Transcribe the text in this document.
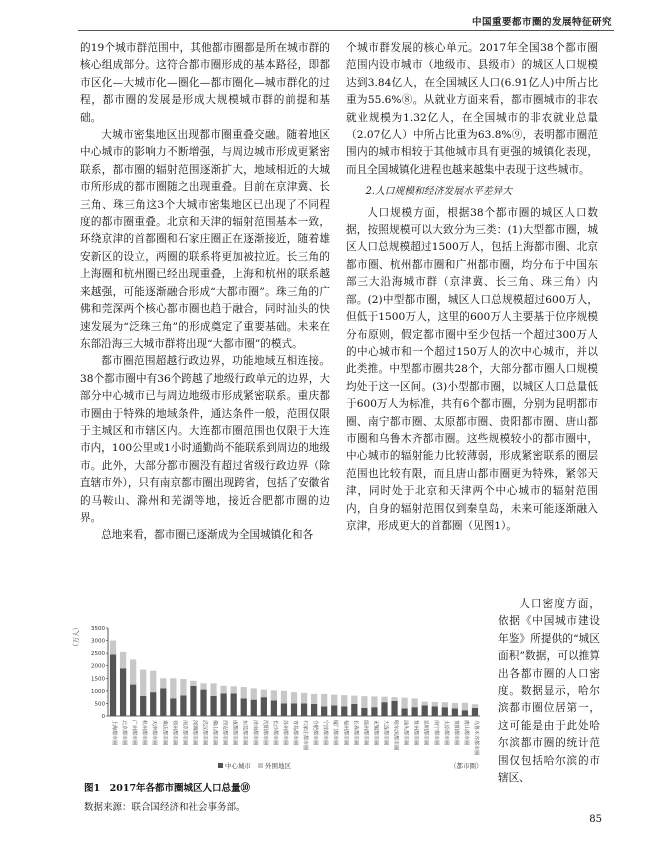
中国重要都市圈的发展特征研究

的19个城市群范围中，其他都市圈都是所在城市群的核心组成部分。这符合都市圈形成的基本路径，即都市区化—大城市化—圈化—都市圈化—城市群化的过程，都市圈的发展是形成大规模城市群的前提和基础。

大城市密集地区出现都市圈重叠交融。随着地区中心城市的影响力不断增强，与周边城市形成更紧密联系，都市圈的辐射范围逐渐扩大，地域相近的大城市所形成的都市圈随之出现重叠。目前在京津冀、长三角、珠三角这3个大城市密集地区已出现了不同程度的都市圈重叠。北京和天津的辐射范围基本一致，环绕京津的首都圈和石家庄圈正在逐渐接近，随着雄安新区的设立，两圈的联系将更加被拉近。长三角的上海圈和杭州圈已经出现重叠，上海和杭州的联系越来越强，可能逐渐融合形成“大都市圈”。珠三角的广佛和莞深两个核心都市圈也趋于融合，同时汕头的快速发展为“泛珠三角”的形成奠定了重要基础。未来在东部沿海三大城市群将出现“大都市圈”的模式。

都市圈范围超越行政边界，功能地域互相连接。38个都市圈中有36个跨越了地级行政单元的边界，大部分中心城市已与周边地级市形成紧密联系。重庆都市圈由于特殊的地域条件，通达条件一般，范围仅限于主城区和市辖区内。大连都市圈范围也仅限于大连市内，100公里或1小时通勤尚不能联系到周边的地级市。此外，大部分都市圈没有超过省级行政边界（除直辖市外），只有南京都市圈出现跨省，包括了安徽省的马鞍山、滁州和芜湖等地，接近合肥都市圈的边界。

总地来看，都市圈已逐渐成为全国城镇化和各

个城市群发展的核心单元。2017年全国38个都市圈范围内设市城市（地级市、县级市）的城区人口规模达到3.84亿人，在全国城区人口(6.91亿人)中所占比重为55.6%⑧。从就业方面来看，都市圈城市的非农就业规模为1.32亿人，在全国城市的非农就业总量（2.07亿人）中所占比重为63.8%⑨，表明都市圈范围内的城市相较于其他城市具有更强的城镇化表现，而且全国城镇化进程也越来越集中表现于这些城市。

2.人口规模和经济发展水平差异大

人口规模方面，根据38个都市圈的城区人口数据，按照规模可以大致分为三类：(1)大型都市圈，城区人口总规模超过1500万人，包括上海都市圈、北京都市圈、杭州都市圈和广州都市圈，均分布于中国东部三大沿海城市群（京津冀、长三角、珠三角）内部。(2)中型都市圈，城区人口总规模超过600万人，但低于1500万人，这里的600万人主要基于位序规模分布原则，假定都市圈中至少包括一个超过300万人的中心城市和一个超过150万人的次中心城市，并以此类推。中型都市圈共28个，大部分都市圈人口规模均处于这一区间。(3)小型都市圈，以城区人口总量低于600万人为标准，共有6个都市圈，分别为昆明都市圈、南宁都市圈、太原都市圈、贵阳都市圈、唐山都市圈和乌鲁木齐都市圈。这些规模较小的都市圈中，中心城市的辐射能力比较薄弱，形成紧密联系的圈层范围也比较有限，而且唐山都市圈更为特殊，紧邻天津，同时处于北京和天津两个中心城市的辐射范围内，自身的辐射范围仅到秦皇岛，未来可能逐渐融入京津，形成更大的首都圈（见图1）。

人口密度方面，依据《中国城市建设年鉴》所提供的“城区面积”数据，可以推算出各都市圈的人口密度。数据显示，哈尔滨都市圈位居第一，这可能是由于此处哈尔滨都市圈的统计范围仅包括哈尔滨的市辖区、

（万人）
0
500
1000
1500
2000
2500
3000
3500
上海都市圈 北京都市圈 广州都市圈 杭州都市圈 天津都市圈 重庆都市圈 郑州都市圈 南京都市圈 深圳都市圈 武汉都市圈 佛山都市圈 西安都市圈 成都都市圈 东莞都市圈 济南都市圈 沈阳都市圈 长沙都市圈 苏州都市圈 青岛都市圈 石家庄都市圈 合肥都市圈 宁波都市圈 厦门都市圈 福州都市圈 长春都市圈 温州都市圈 无锡都市圈 大连都市圈 哈尔滨都市圈 汕头都市圈 常州都市圈 昆明都市圈 南宁都市圈 太原都市圈 贵阳都市圈 唐山都市圈 乌鲁木齐都市圈
中心城市 外围地区	（都市圈）
图1　2017年各都市圈城区人口总量⑩
数据来源：联合国经济和社会事务部。
85
